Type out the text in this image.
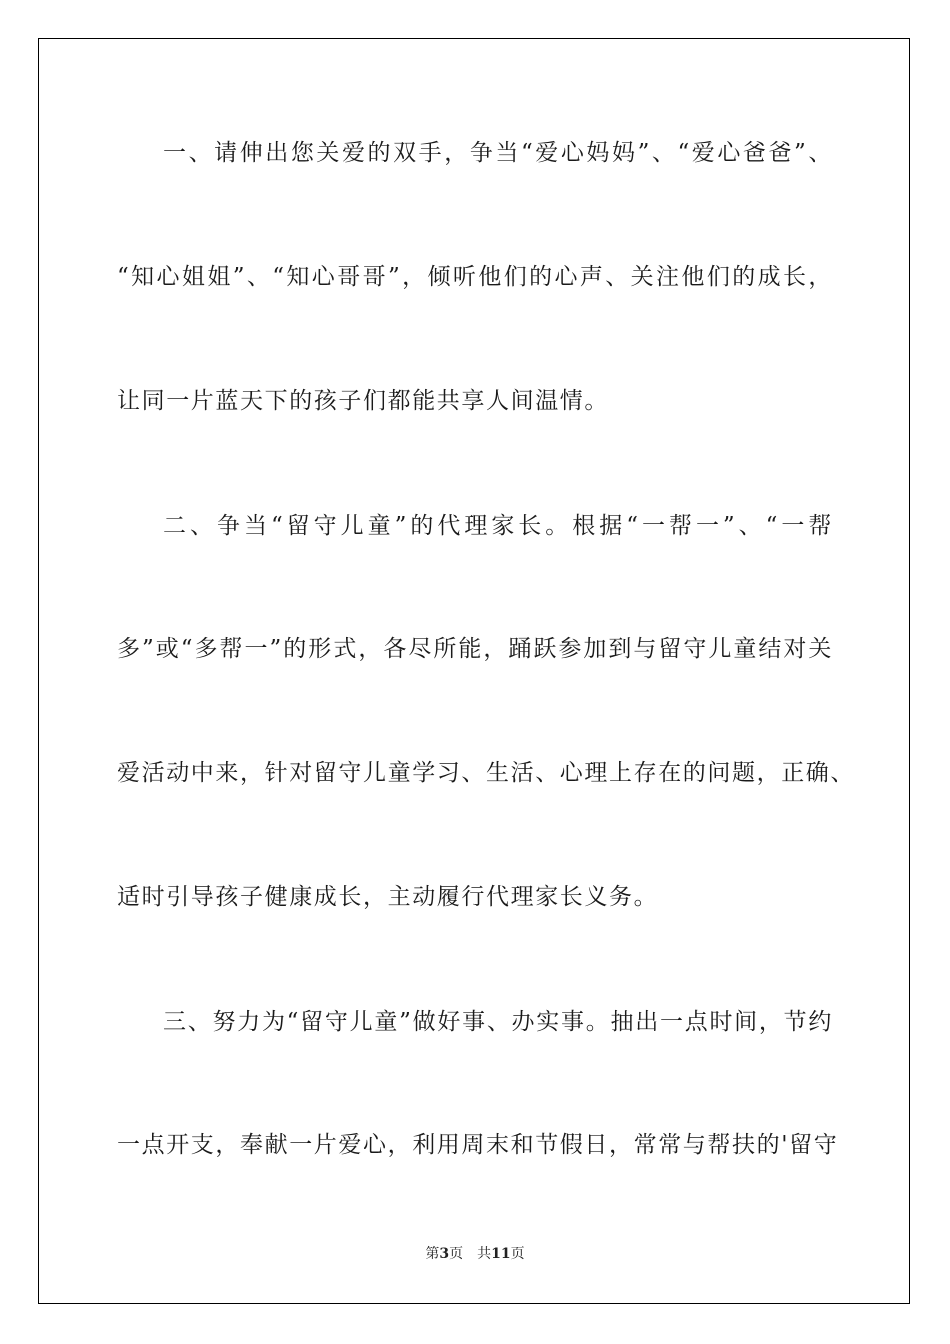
一、请伸出您关爱的双手，争当“爱心妈妈”、“爱心爸爸”、
“知心姐姐”、“知心哥哥”，倾听他们的心声、关注他们的成长，
让同一片蓝天下的孩子们都能共享人间温情。
二、争当“留守儿童”的代理家长。根据“一帮一”、“一帮
多”或“多帮一”的形式，各尽所能，踊跃参加到与留守儿童结对关
爱活动中来，针对留守儿童学习、生活、心理上存在的问题，正确、
适时引导孩子健康成长，主动履行代理家长义务。
三、努力为“留守儿童”做好事、办实事。抽出一点时间，节约
一点开支，奉献一片爱心，利用周末和节假日，常常与帮扶的'留守
第3页 共11页
